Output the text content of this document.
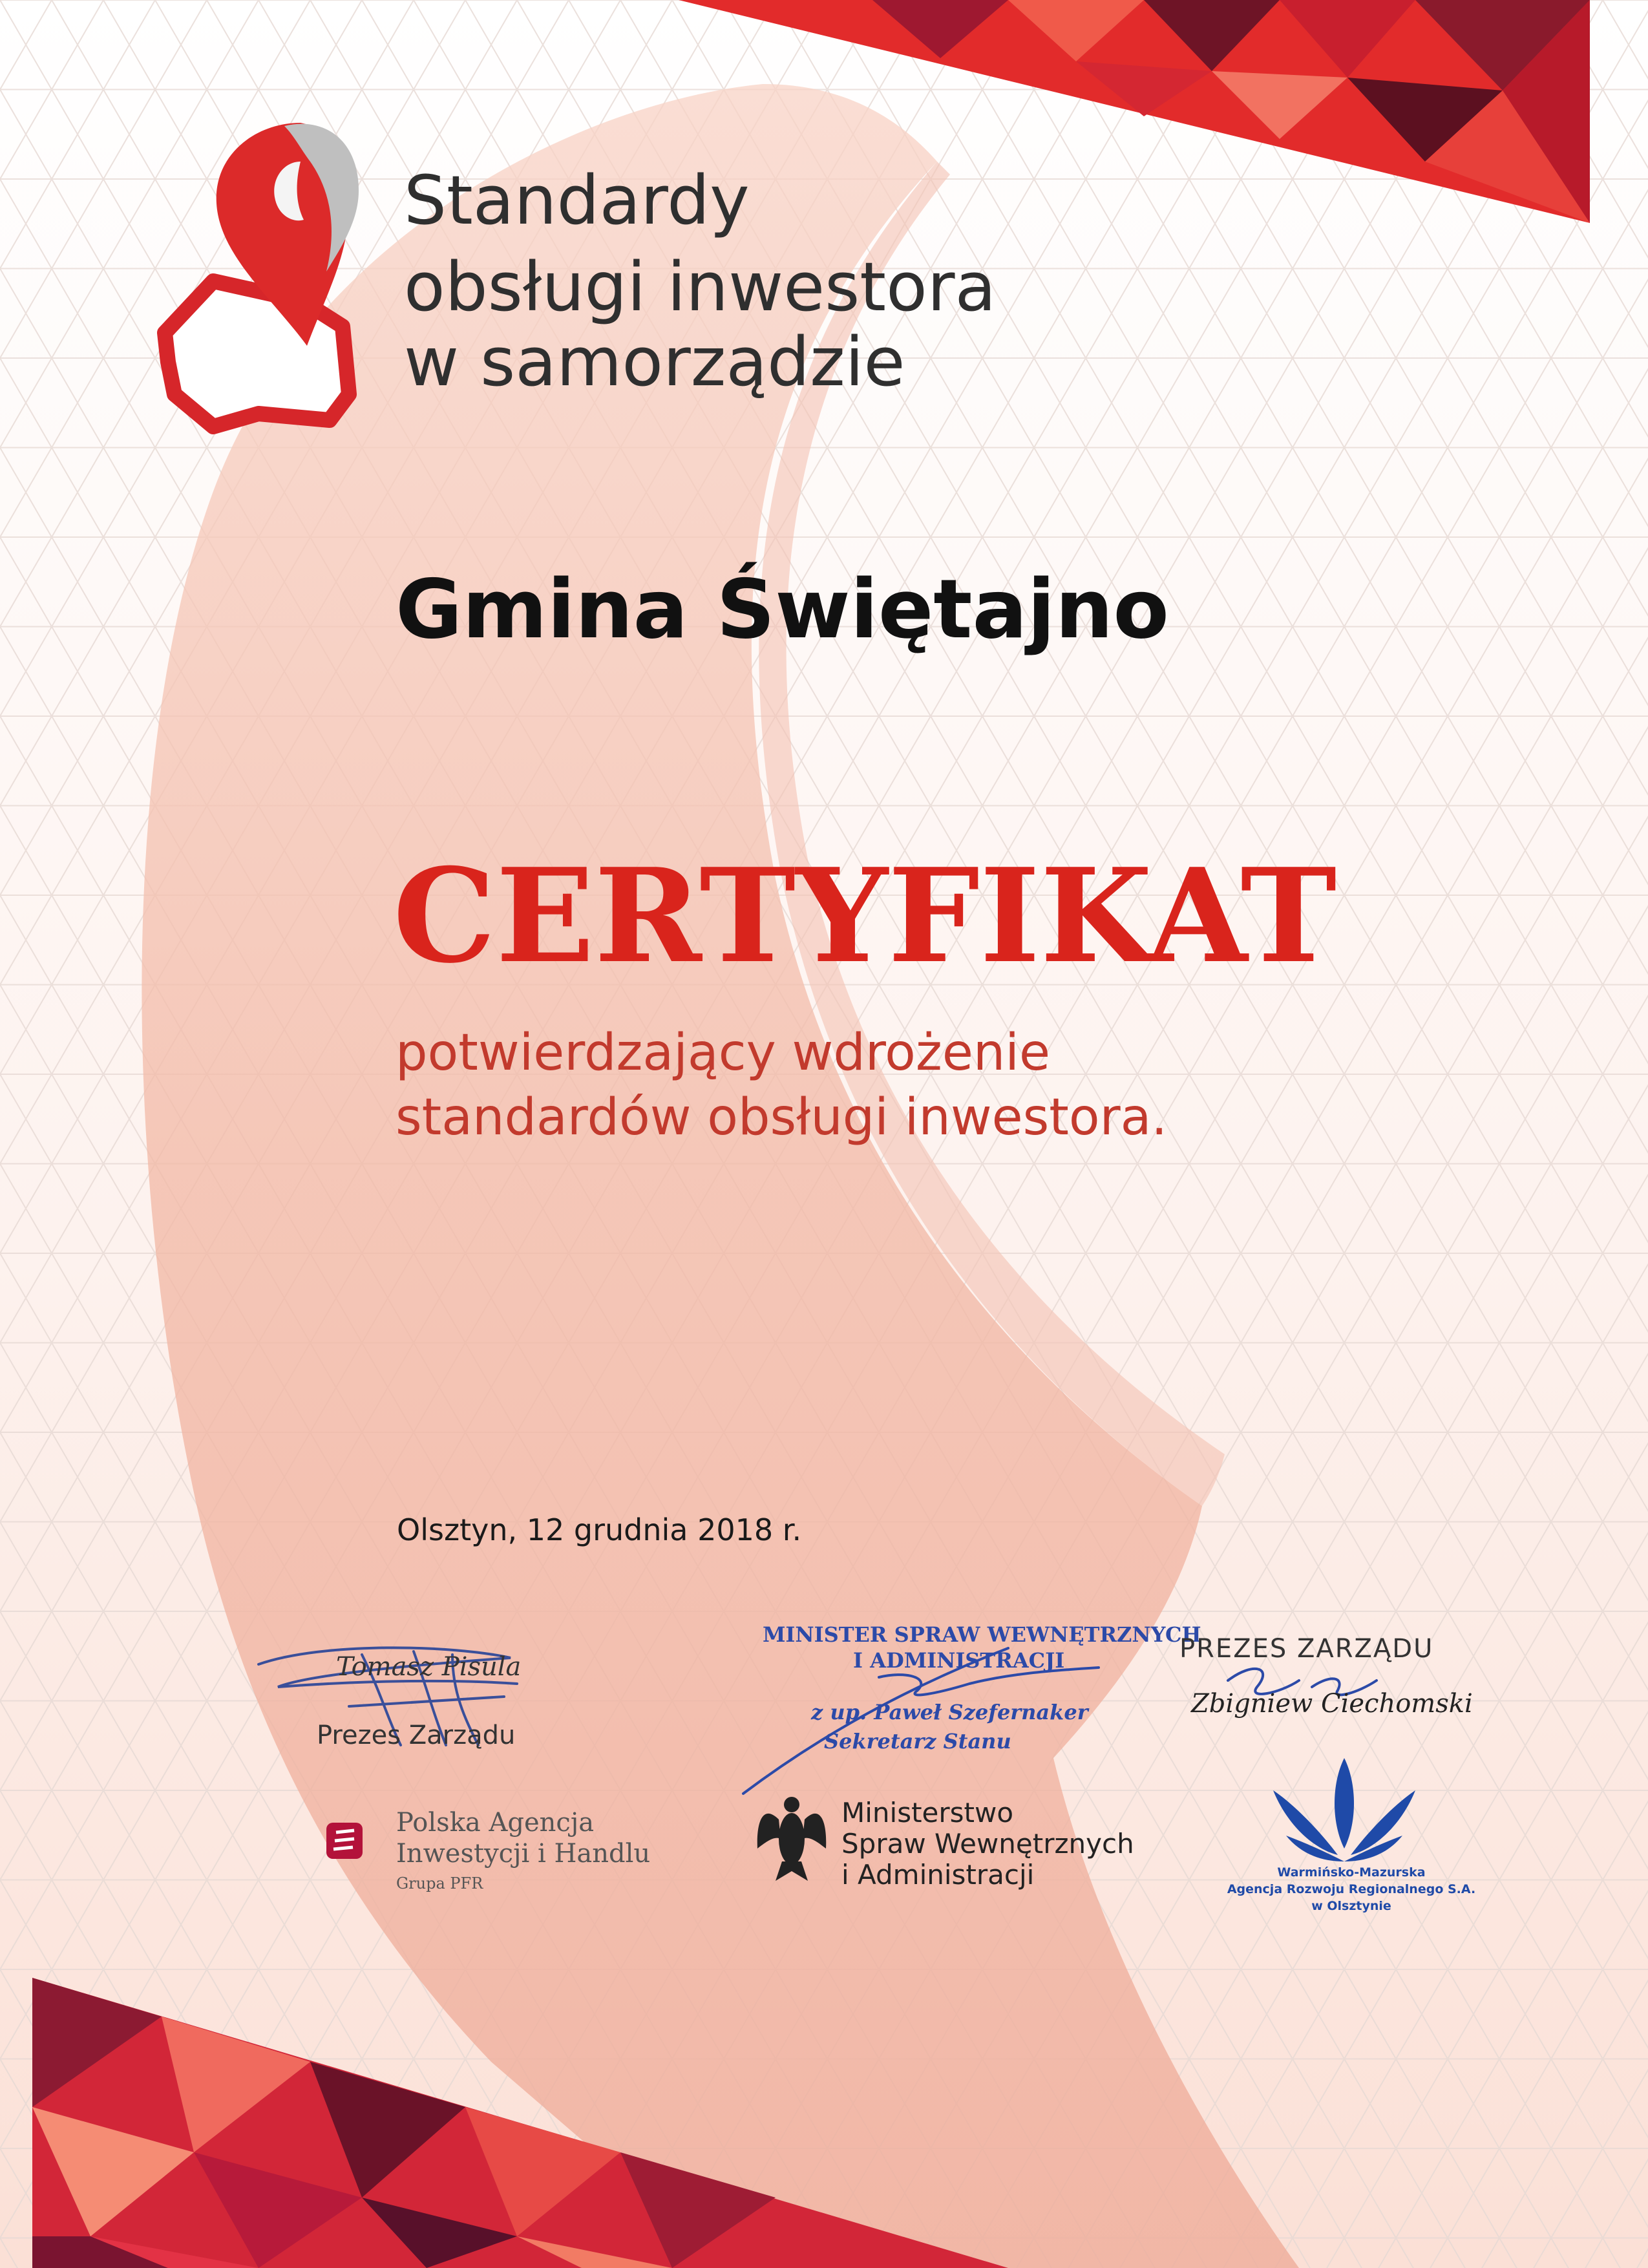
Standardy

obsługi inwestora

w samorządzie

Gmina Świętajno
CERTYFIKAT

potwierdzający wdrożenie

standardów obsługi inwestora.

Olsztyn, 12 grudnia 2018 r.

Tomasz Pisula
Prezes Zarządu
MINISTER SPRAW WEWNĘTRZNYCH
I ADMINISTRACJI
z up. Paweł Szefernaker
Sekretarz Stanu
PREZES ZARZĄDU
Zbigniew Ciechomski
Polska Agencja
Inwestycji i Handlu
Grupa PFR
Ministerstwo
Spraw Wewnętrznych
i Administracji	Warmińsko-Mazurska
Agencja Rozwoju Regionalnego S.A.
w Olsztynie
